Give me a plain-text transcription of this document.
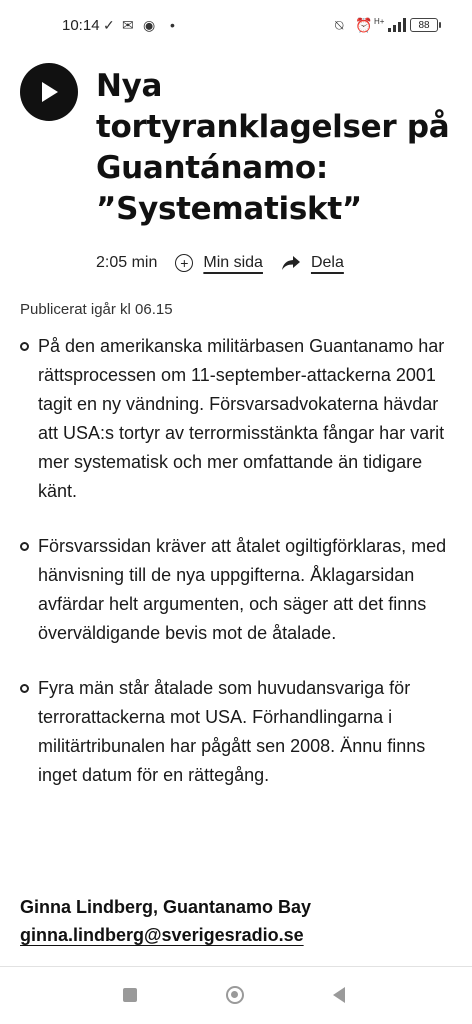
10:14 ✓ ✉ ◉ •	⍉ ⏰ H+	88
Nya tortyranklagelser på Guantánamo: ”Systematiskt”
2:05 min	+ Min sida	Dela
Publicerat igår kl 06.15
På den amerikanska militärbasen Guantanamo har rättsprocessen om 11-september-attackerna 2001 tagit en ny vändning. Försvarsadvokaterna hävdar att USA:s tortyr av terrormisstänkta fångar har varit mer systematisk och mer omfattande än tidigare känt.
Försvarssidan kräver att åtalet ogiltigförklaras, med hänvisning till de nya uppgifterna. Åklagarsidan avfärdar helt argumenten, och säger att det finns överväldigande bevis mot de åtalade.
Fyra män står åtalade som huvudansvariga för terrorattackerna mot USA. Förhandlingarna i militärtribunalen har pågått sen 2008. Ännu finns inget datum för en rättegång.
Ginna Lindberg, Guantanamo Bay
ginna.lindberg@sverigesradio.se
